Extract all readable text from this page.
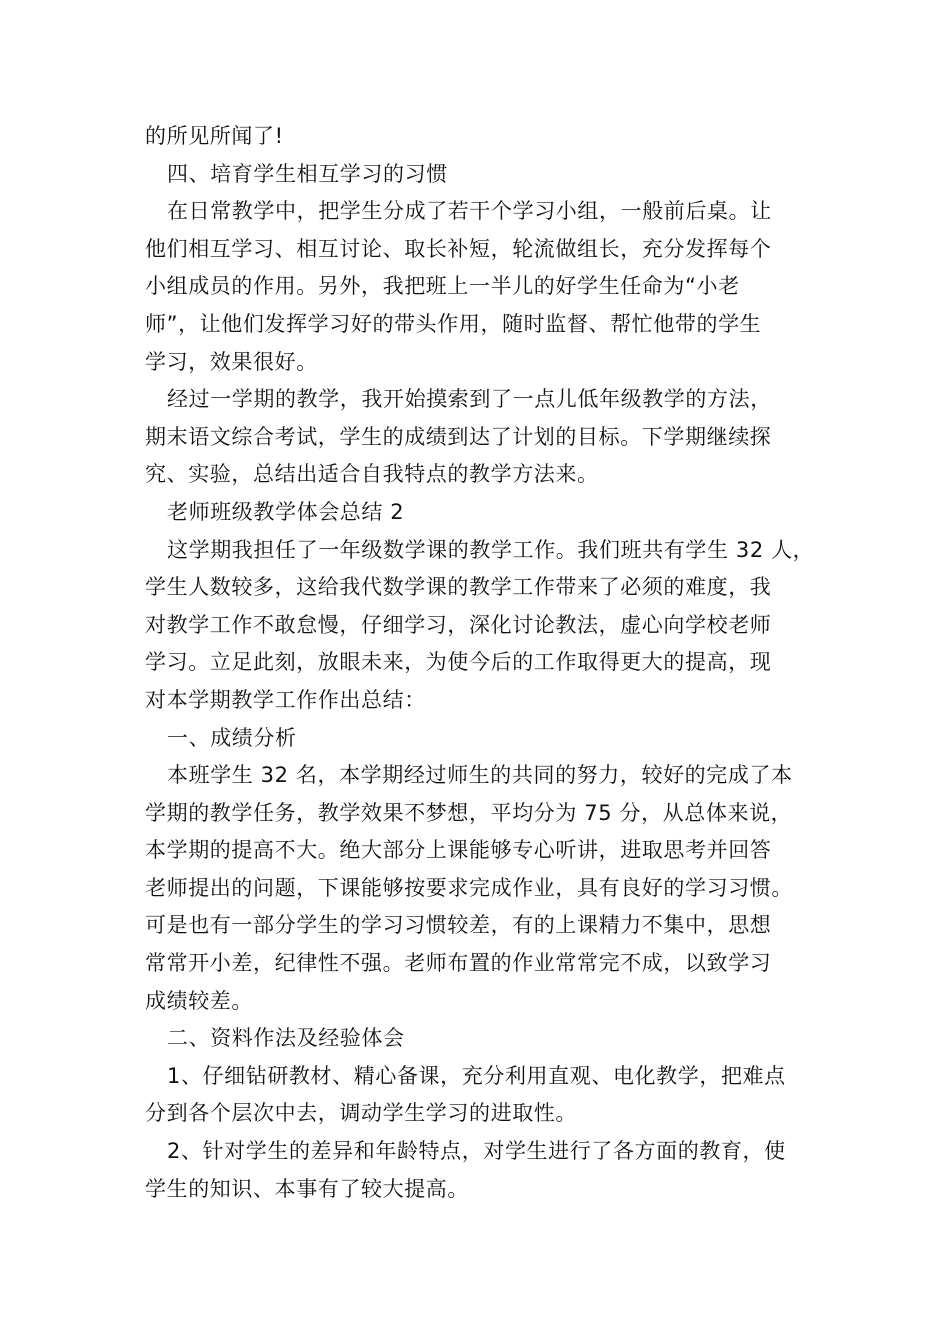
的所见所闻了!
四、培育学生相互学习的习惯
在日常教学中，把学生分成了若干个学习小组，一般前后桌。让
他们相互学习、相互讨论、取长补短，轮流做组长，充分发挥每个
小组成员的作用。另外，我把班上一半儿的好学生任命为“小老
师”，让他们发挥学习好的带头作用，随时监督、帮忙他带的学生
学习，效果很好。
经过一学期的教学，我开始摸索到了一点儿低年级教学的方法，
期末语文综合考试，学生的成绩到达了计划的目标。下学期继续探
究、实验，总结出适合自我特点的教学方法来。
老师班级教学体会总结 2
这学期我担任了一年级数学课的教学工作。我们班共有学生 32 人，
学生人数较多，这给我代数学课的教学工作带来了必须的难度，我
对教学工作不敢怠慢，仔细学习，深化讨论教法，虚心向学校老师
学习。立足此刻，放眼未来，为使今后的工作取得更大的提高，现
对本学期教学工作作出总结：
一、成绩分析
本班学生 32 名，本学期经过师生的共同的努力，较好的完成了本
学期的教学任务，教学效果不梦想，平均分为 75 分，从总体来说，
本学期的提高不大。绝大部分上课能够专心听讲，进取思考并回答
老师提出的问题，下课能够按要求完成作业，具有良好的学习习惯。
可是也有一部分学生的学习习惯较差，有的上课精力不集中，思想
常常开小差，纪律性不强。老师布置的作业常常完不成，以致学习
成绩较差。
二、资料作法及经验体会
1、仔细钻研教材、精心备课，充分利用直观、电化教学，把难点
分到各个层次中去，调动学生学习的进取性。
2、针对学生的差异和年龄特点，对学生进行了各方面的教育，使
学生的知识、本事有了较大提高。
